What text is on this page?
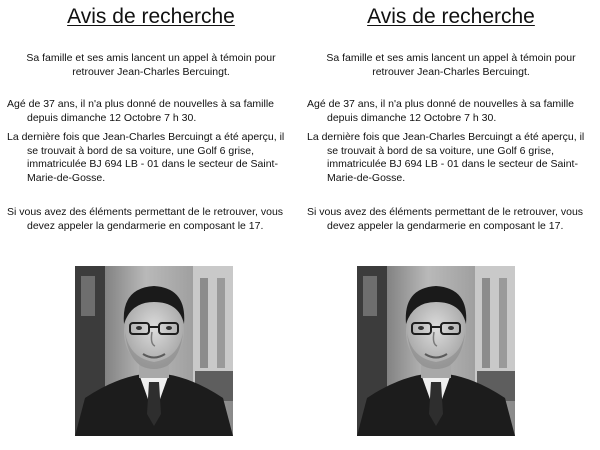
Avis de recherche

Sa famille et ses amis lancent un appel à témoin pour retrouver Jean-Charles Bercuingt.

Agé de 37 ans, il n'a plus donné de nouvelles à sa famille depuis dimanche 12 Octobre 7 h 30.

La dernière fois que Jean-Charles Bercuingt a été aperçu, il se trouvait à bord de sa voiture, une Golf 6 grise, immatriculée BJ 694 LB - 01 dans le secteur de Saint-Marie-de-Gosse.

Si vous avez des éléments permettant de le retrouver, vous devez appeler la gendarmerie en composant le 17.

Avis de recherche

Sa famille et ses amis lancent un appel à témoin pour retrouver Jean-Charles Bercuingt.

Agé de 37 ans, il n'a plus donné de nouvelles à sa famille depuis dimanche 12 Octobre 7 h 30.

La dernière fois que Jean-Charles Bercuingt a été aperçu, il se trouvait à bord de sa voiture, une Golf 6 grise, immatriculée BJ 694 LB - 01 dans le secteur de Saint-Marie-de-Gosse.

Si vous avez des éléments permettant de le retrouver, vous devez appeler la gendarmerie en composant le 17.
